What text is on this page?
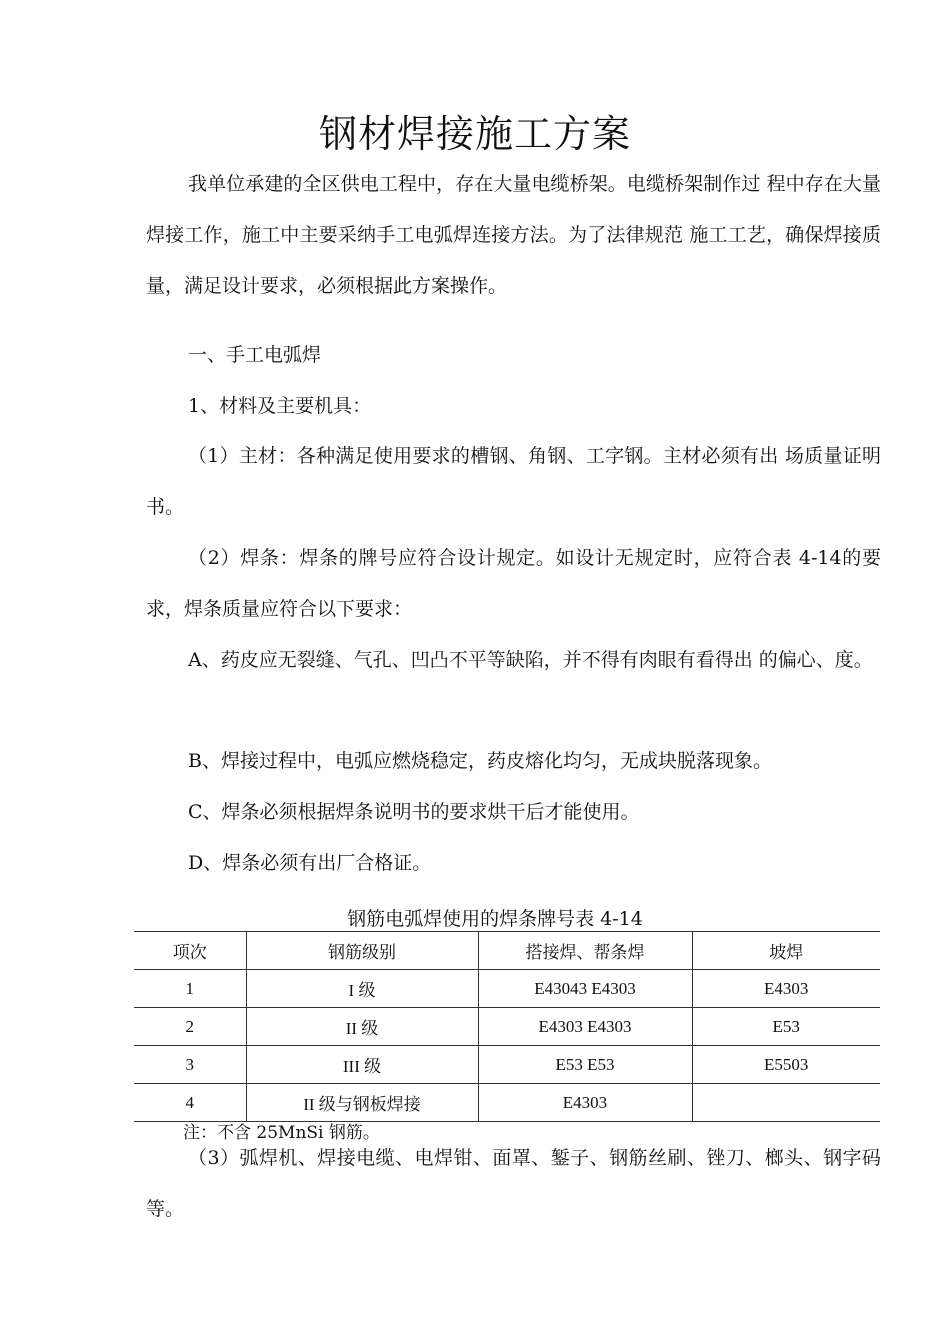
钢材焊接施工方案

我单位承建的全区供电工程中，存在大量电缆桥架。电缆桥架制作过 程中存在大量焊接工作，施工中主要采纳手工电弧焊连接方法。为了法律规范 施工工艺，确保焊接质量，满足设计要求，必须根据此方案操作。

一、手工电弧焊

1、材料及主要机具：

（1）主材：各种满足使用要求的槽钢、角钢、工字钢。主材必须有出 场质量证明书。

（2）焊条：焊条的牌号应符合设计规定。如设计无规定时，应符合表 4-14的要求，焊条质量应符合以下要求：

A、药皮应无裂缝、气孔、凹凸不平等缺陷，并不得有肉眼有看得出 的偏心、度。

B、焊接过程中，电弧应燃烧稳定，药皮熔化均匀，无成块脱落现象。

C、焊条必须根据焊条说明书的要求烘干后才能使用。

D、焊条必须有出厂合格证。

钢筋电弧焊使用的焊条牌号表 4-14

项次	钢筋级别	搭接焊、帮条焊	坡焊
1	I 级	E43043 E4303	E4303
2	II 级	E4303 E4303	E53
3	III 级	E53 E53	E5503
4	II 级与钢板焊接	E4303	

注：不含 25MnSi 钢筋。

（3）弧焊机、焊接电缆、电焊钳、面罩、錾子、钢筋丝刷、锉刀、榔头、钢字码等。
